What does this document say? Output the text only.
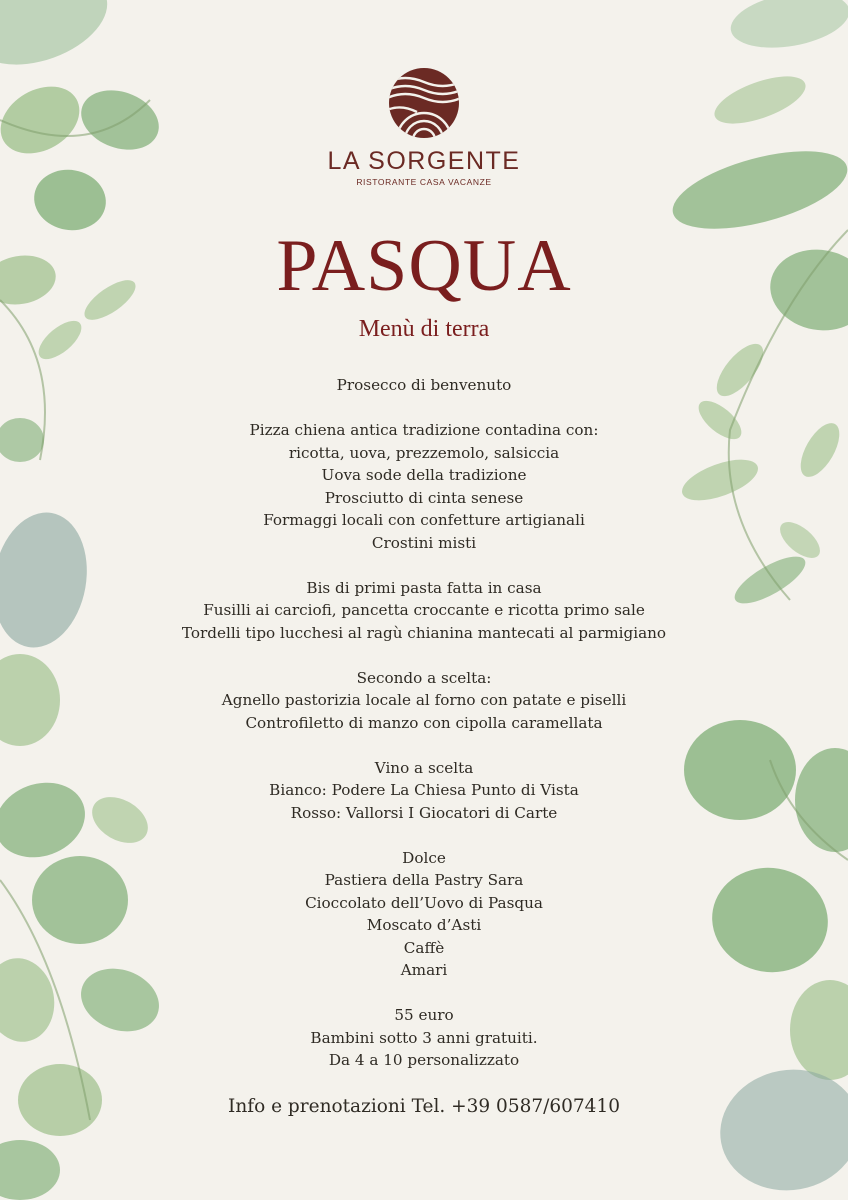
LA SORGENTE
RISTORANTE CASA VACANZE
PASQUA
Menù di terra
Prosecco di benvenuto
Pizza chiena antica tradizione contadina con:
ricotta, uova, prezzemolo, salsiccia
Uova sode della tradizione
Prosciutto di cinta senese
Formaggi locali con confetture artigianali
Crostini misti
Bis di primi pasta fatta in casa
Fusilli ai carciofi, pancetta croccante e ricotta primo sale
Tordelli tipo lucchesi al ragù chianina mantecati al parmigiano
Secondo a scelta:
Agnello pastorizia locale al forno con patate e piselli
Controfiletto di manzo con cipolla caramellata
Vino a scelta
Bianco: Podere La Chiesa Punto di Vista
Rosso: Vallorsi I Giocatori di Carte
Dolce
Pastiera della Pastry Sara
Cioccolato dell’Uovo di Pasqua
Moscato d’Asti
Caffè
Amari
55 euro
Bambini sotto 3 anni gratuiti.
Da 4 a 10 personalizzato
Info e prenotazioni Tel. +39 0587/607410
